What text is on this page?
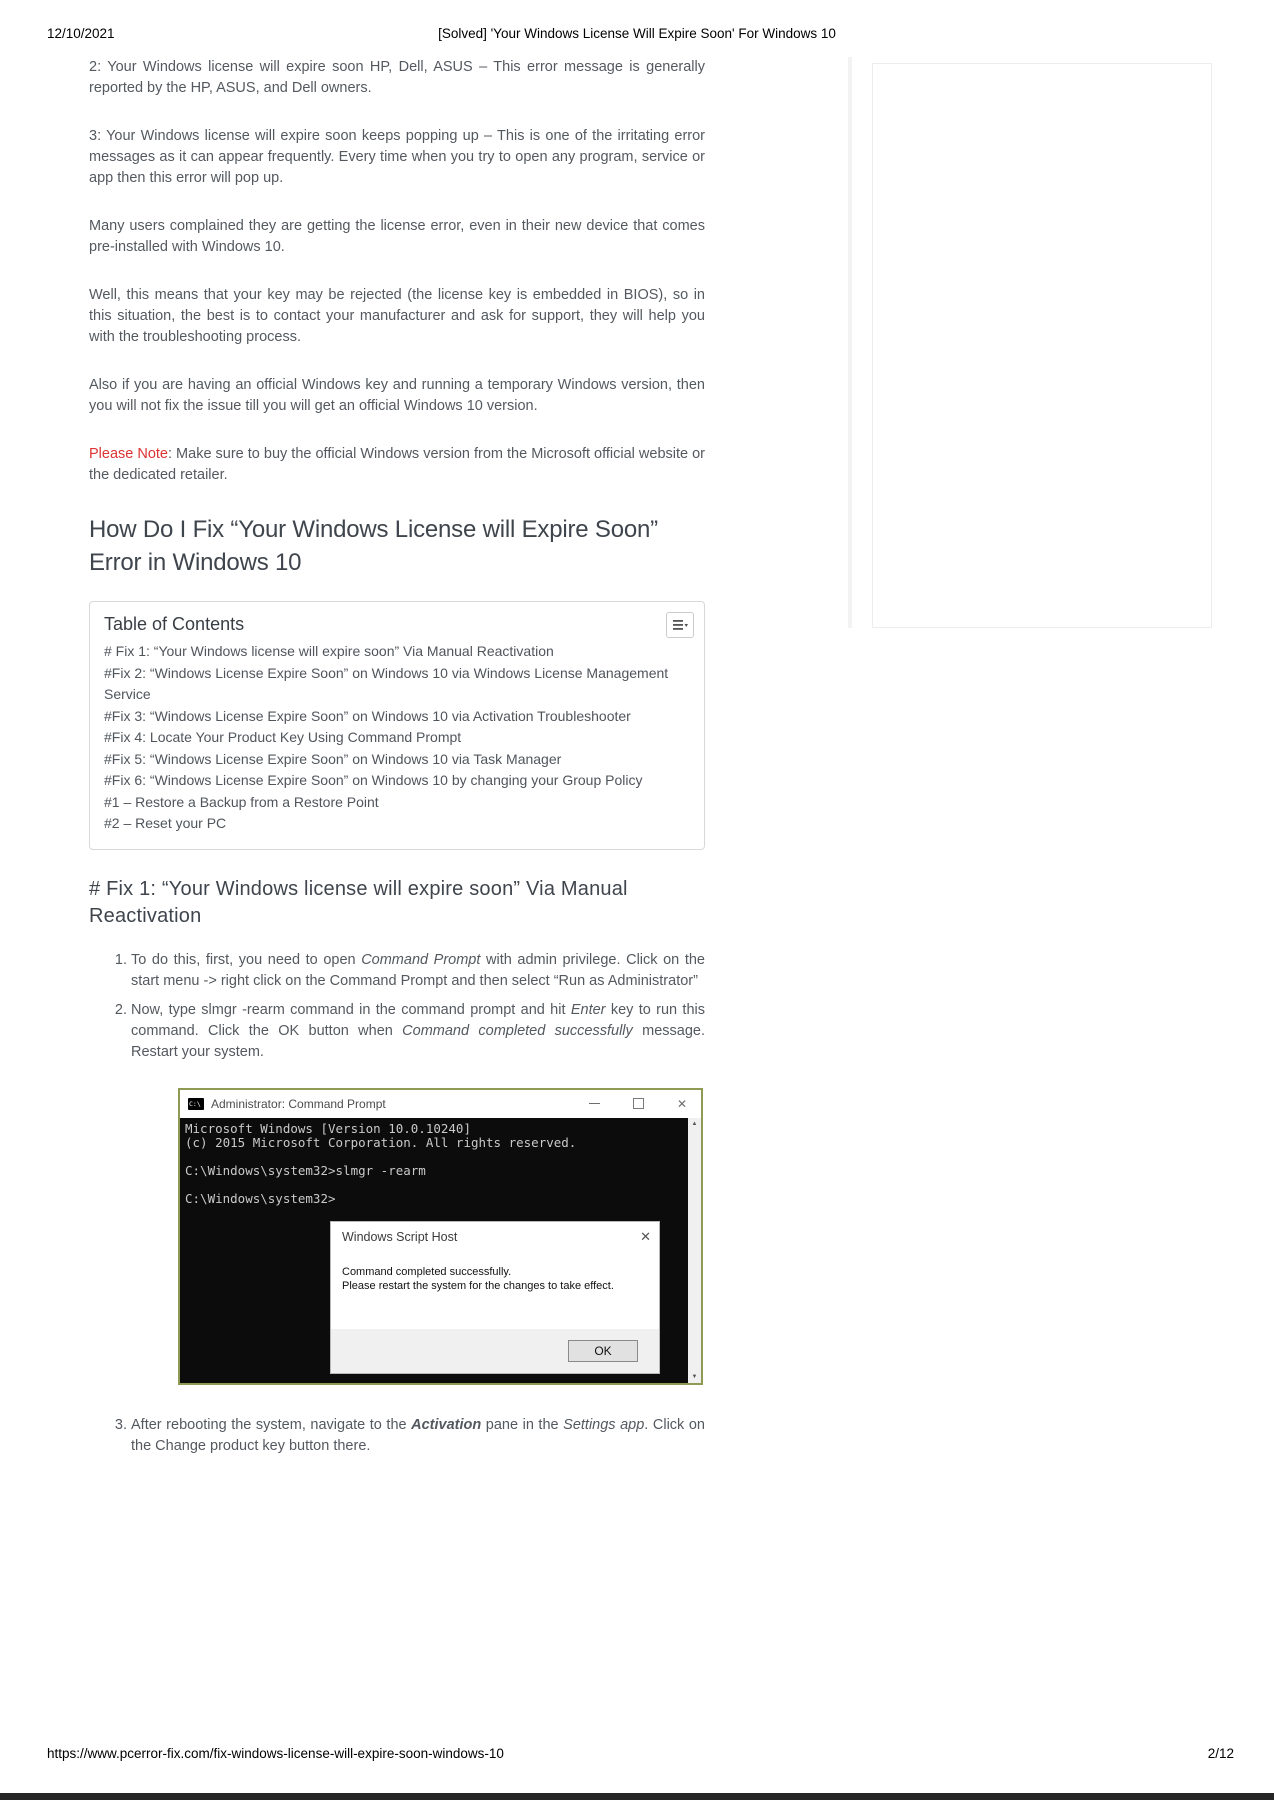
12/10/2021	[Solved] 'Your Windows License Will Expire Soon' For Windows 10

2: Your Windows license will expire soon HP, Dell, ASUS – This error message is generally reported by the HP, ASUS, and Dell owners.

3: Your Windows license will expire soon keeps popping up – This is one of the irritating error messages as it can appear frequently. Every time when you try to open any program, service or app then this error will pop up.

Many users complained they are getting the license error, even in their new device that comes pre-installed with Windows 10.

Well, this means that your key may be rejected (the license key is embedded in BIOS), so in this situation, the best is to contact your manufacturer and ask for support, they will help you with the troubleshooting process.

Also if you are having an official Windows key and running a temporary Windows version, then you will not fix the issue till you will get an official Windows 10 version.

Please Note: Make sure to buy the official Windows version from the Microsoft official website or the dedicated retailer.

How Do I Fix “Your Windows License will Expire Soon” Error in Windows 10
Table of Contents
# Fix 1: “Your Windows license will expire soon” Via Manual Reactivation
#Fix 2: “Windows License Expire Soon” on Windows 10 via Windows License Management Service
#Fix 3: “Windows License Expire Soon” on Windows 10 via Activation Troubleshooter
#Fix 4: Locate Your Product Key Using Command Prompt
#Fix 5: “Windows License Expire Soon” on Windows 10 via Task Manager
#Fix 6: “Windows License Expire Soon” on Windows 10 by changing your Group Policy
#1 – Restore a Backup from a Restore Point
#2 – Reset your PC
# Fix 1: “Your Windows license will expire soon” Via Manual Reactivation
1. To do this, first, you need to open Command Prompt with admin privilege. Click on the start menu -> right click on the Command Prompt and then select “Run as Administrator”
2. Now, type slmgr -rearm command in the command prompt and hit Enter key to run this command. Click the OK button when Command completed successfully message. Restart your system.
C:\ Administrator: Command Prompt	✕
Microsoft Windows [Version 10.0.10240]
(c) 2015 Microsoft Corporation. All rights reserved.

C:\Windows\system32>slmgr -rearm

C:\Windows\system32>
▲
▼
Windows Script Host	✕
Command completed successfully.
Please restart the system for the changes to take effect.
OK
3. After rebooting the system, navigate to the Activation pane in the Settings app. Click on the Change product key button there.
https://www.pcerror-fix.com/fix-windows-license-will-expire-soon-windows-10	2/12
